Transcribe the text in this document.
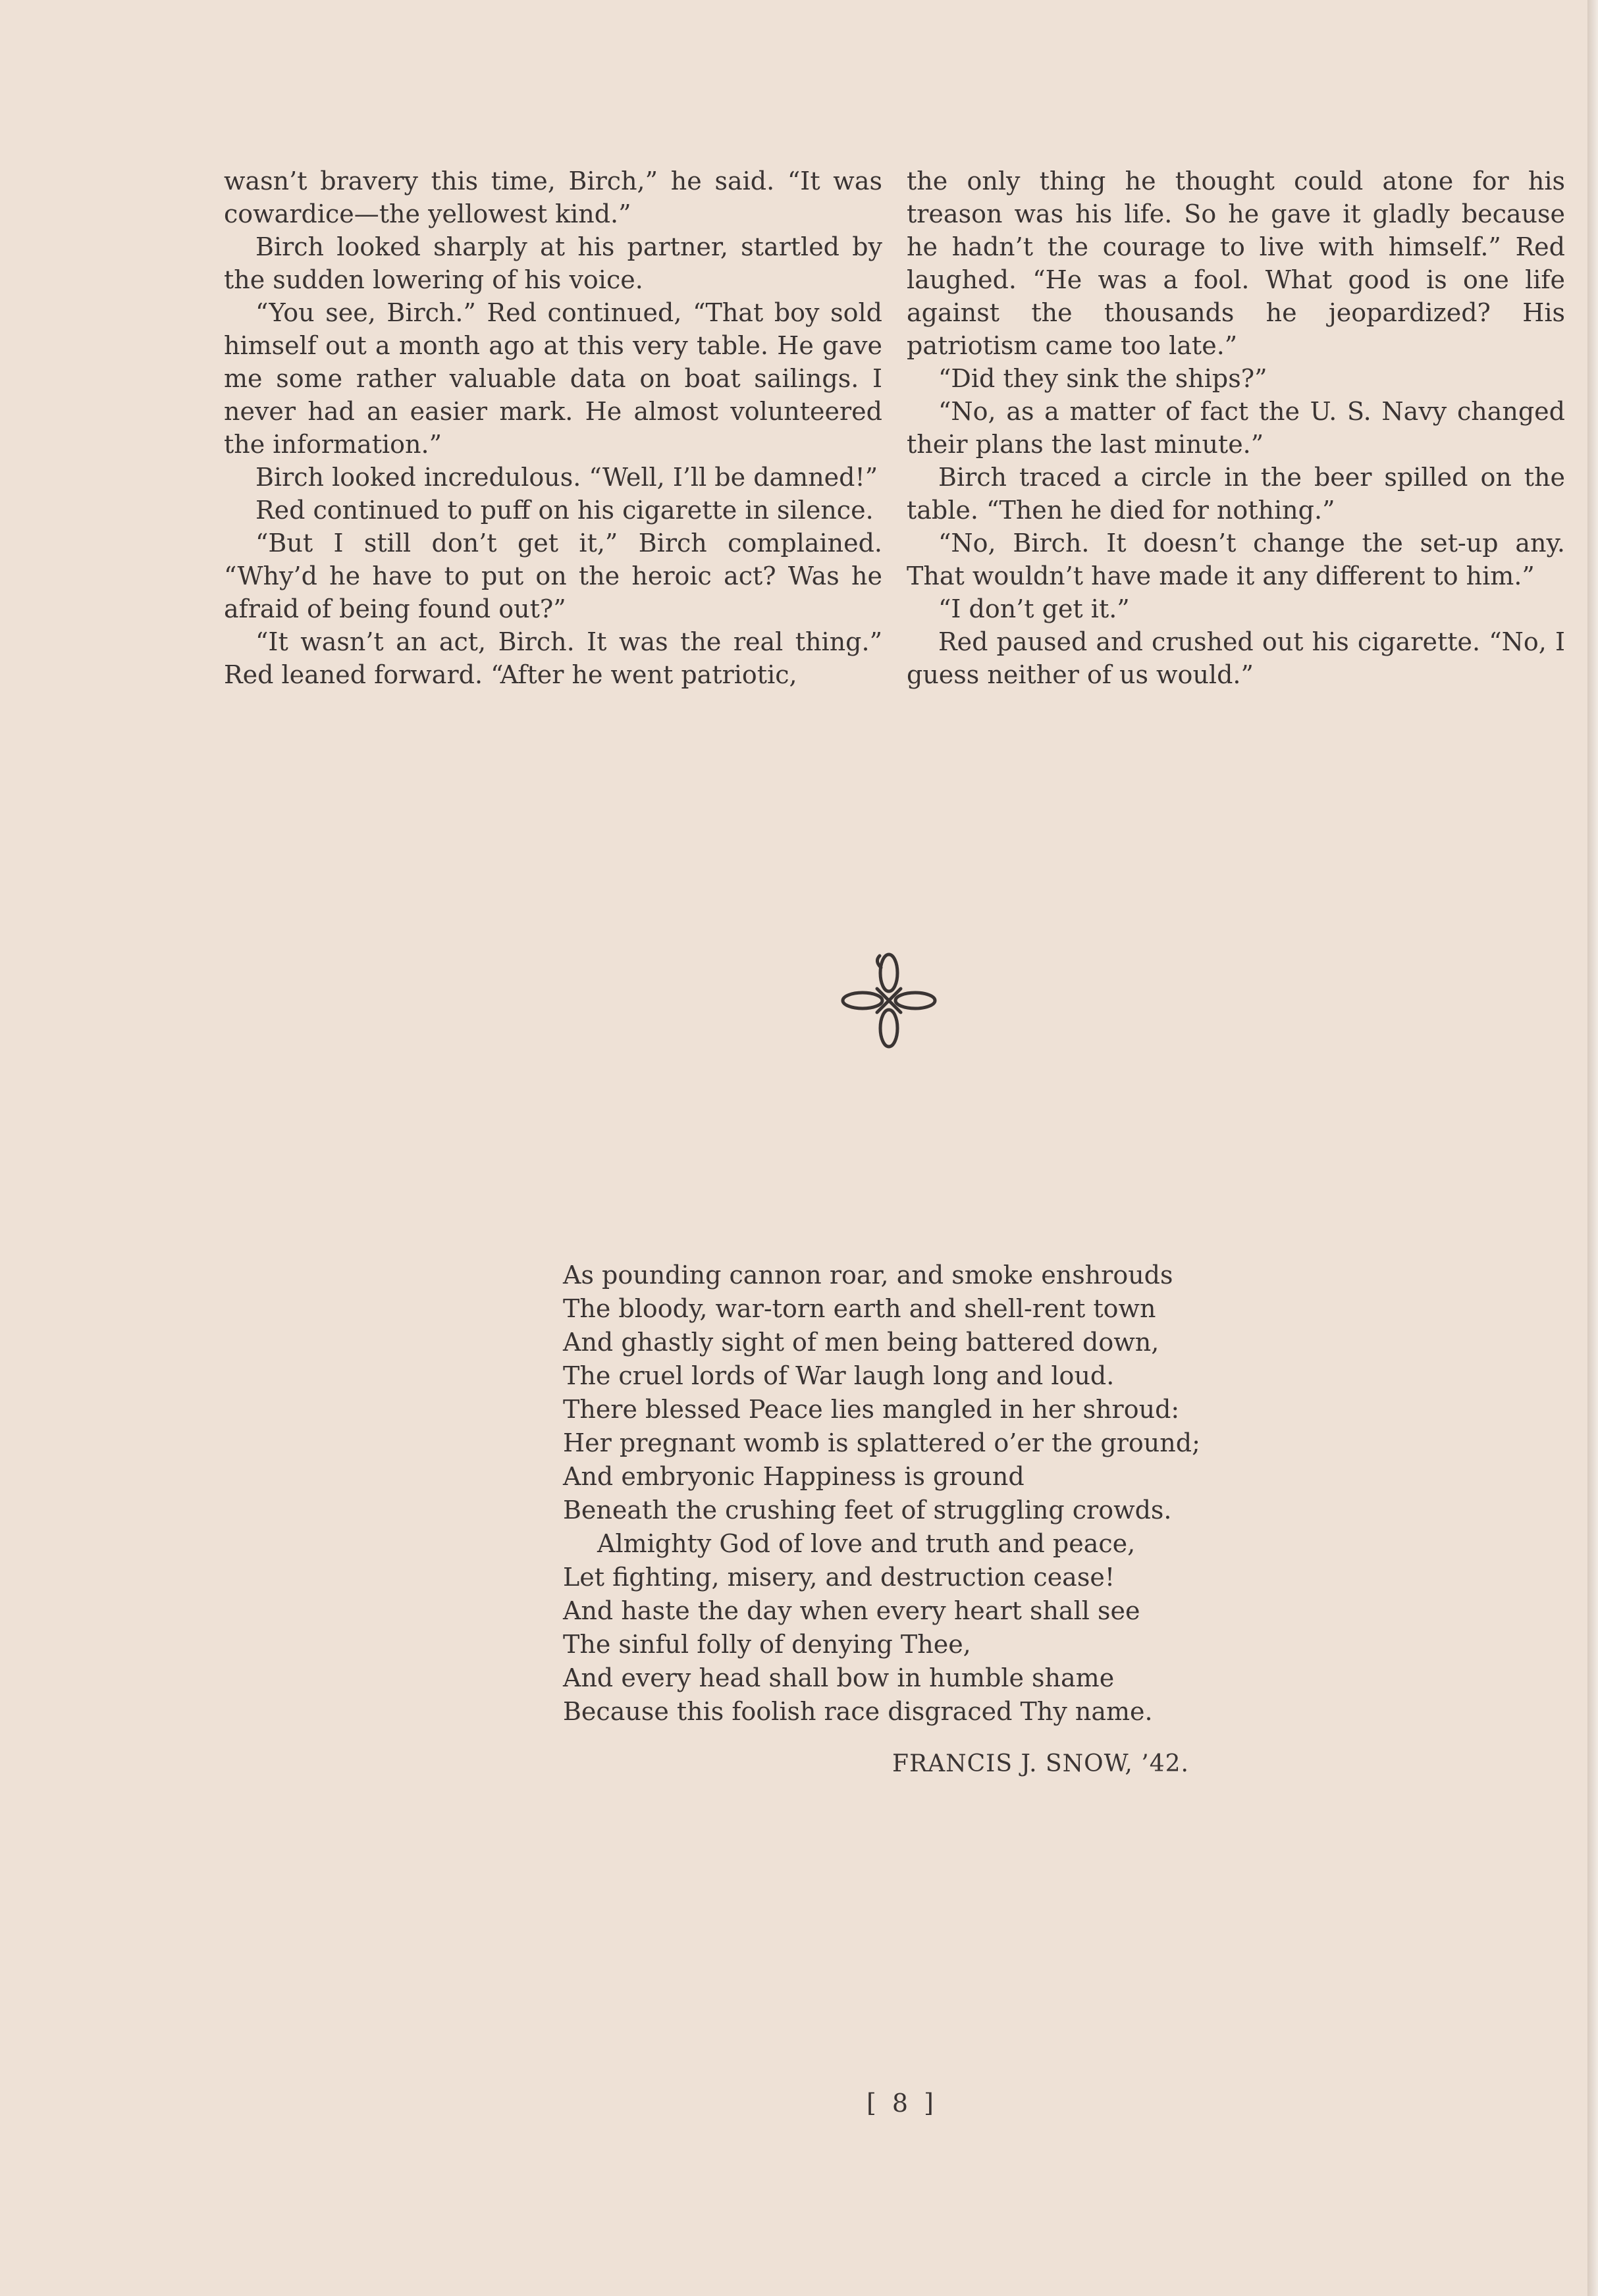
wasn’t bravery this time, Birch,” he said. “It was cowardice—the yellowest kind.”

Birch looked sharply at his partner, startled by the sudden lowering of his voice.

“You see, Birch.” Red continued, “That boy sold himself out a month ago at this very table. He gave me some rather valuable data on boat sailings. I never had an easier mark. He almost volunteered the information.”

Birch looked incredulous. “Well, I’ll be damned!”

Red continued to puff on his cigarette in silence.

“But I still don’t get it,” Birch complained. “Why’d he have to put on the heroic act? Was he afraid of being found out?”

“It wasn’t an act, Birch. It was the real thing.” Red leaned forward. “After he went patriotic,

the only thing he thought could atone for his treason was his life. So he gave it gladly because he hadn’t the courage to live with himself.” Red laughed. “He was a fool. What good is one life against the thousands he jeopardized? His patriotism came too late.”

“Did they sink the ships?”

“No, as a matter of fact the U. S. Navy changed their plans the last minute.”

Birch traced a circle in the beer spilled on the table. “Then he died for nothing.”

“No, Birch. It doesn’t change the set-up any. That wouldn’t have made it any different to him.”

“I don’t get it.”

Red paused and crushed out his cigarette. “No, I guess neither of us would.”

As pounding cannon roar, and smoke enshrouds
The bloody, war-torn earth and shell-rent town
And ghastly sight of men being battered down,
The cruel lords of War laugh long and loud.
There blessed Peace lies mangled in her shroud:
Her pregnant womb is splattered o’er the ground;
And embryonic Happiness is ground
Beneath the crushing feet of struggling crowds.
Almighty God of love and truth and peace,
Let fighting, misery, and destruction cease!
And haste the day when every heart shall see
The sinful folly of denying Thee,
And every head shall bow in humble shame
Because this foolish race disgraced Thy name.
FRANCIS J. SNOW, ’42.
[ 8 ]
